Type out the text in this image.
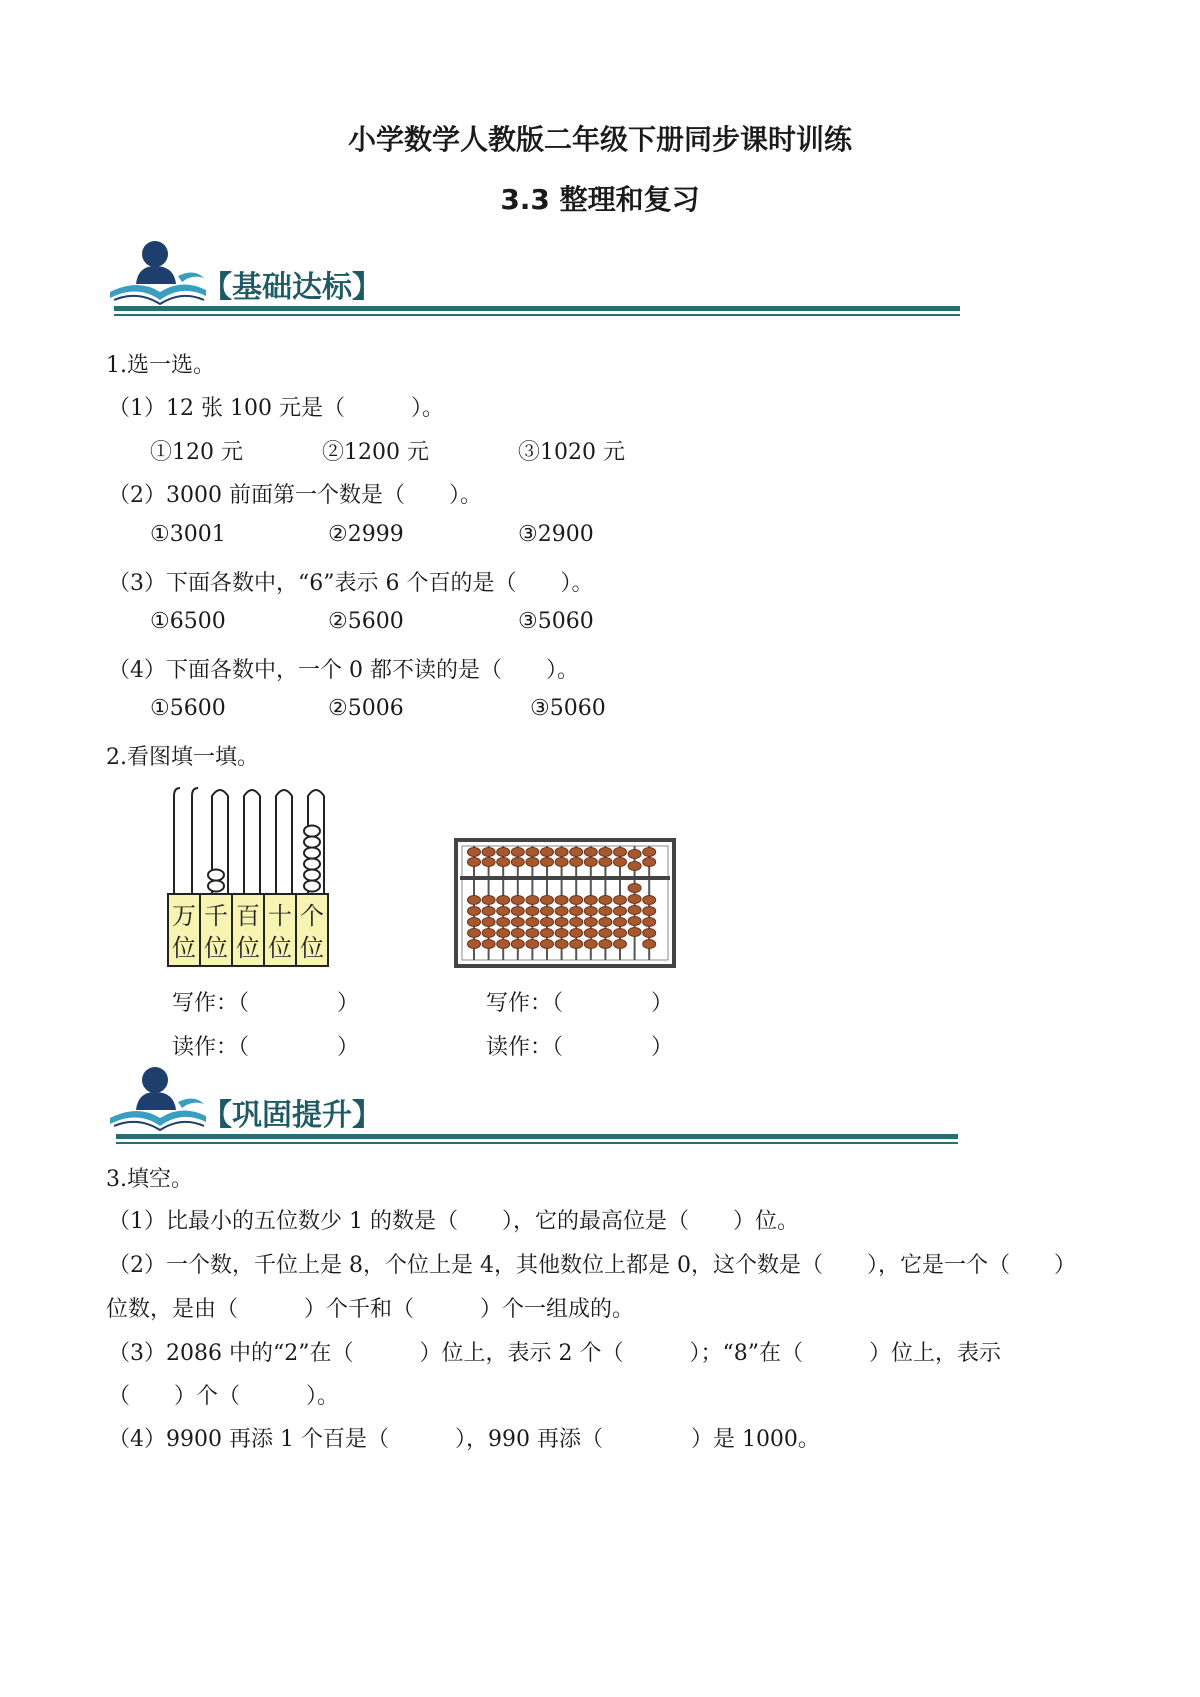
小学数学人教版二年级下册同步课时训练
3.3 整理和复习
【基础达标】
1.选一选。
（1）12 张 100 元是（　　　）。
①120 元	②1200 元	③1020 元
（2）3000 前面第一个数是（　　）。
①3001	②2999	③2900
（3）下面各数中，“6”表示 6 个百的是（　　）。
①6500	②5600	③5060
（4）下面各数中，一个 0 都不读的是（　　）。
①5600	②5006	③5060
2.看图填一填。
万
位
千
位
百
位
十
位
个
位
写作：（　　　　）
读作：（　　　　）
写作：（　　　　）
读作：（　　　　）
【巩固提升】
3.填空。
（1）比最小的五位数少 1 的数是（　　），它的最高位是（　　）位。
（2）一个数，千位上是 8，个位上是 4，其他数位上都是 0，这个数是（　　），它是一个（　　）
位数，是由（　　　）个千和（　　　）个一组成的。
（3）2086 中的“2”在（　　　）位上，表示 2 个（　　　）；“8”在（　　　）位上，表示
（　　）个（　　　）。
（4）9900 再添 1 个百是（　　　），990 再添（　　　　）是 1000。
